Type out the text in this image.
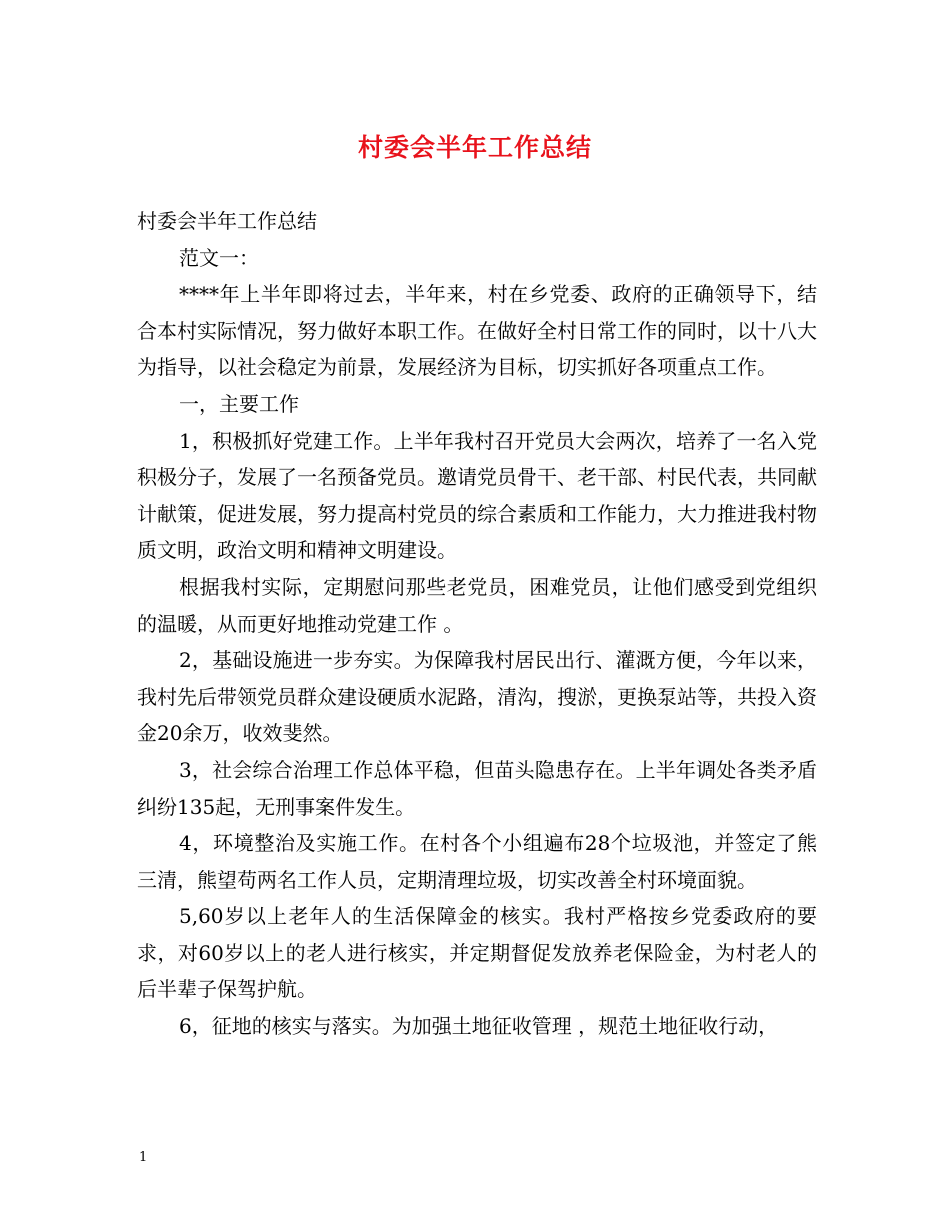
村委会半年工作总结

村委会半年工作总结

范文一：

****年上半年即将过去，半年来，村在乡党委、政府的正确领导下，结合本村实际情况，努力做好本职工作。在做好全村日常工作的同时，以十八大为指导，以社会稳定为前景，发展经济为目标，切实抓好各项重点工作。

一，主要工作

1，积极抓好党建工作。上半年我村召开党员大会两次，培养了一名入党积极分子，发展了一名预备党员。邀请党员骨干、老干部、村民代表，共同献计献策，促进发展，努力提高村党员的综合素质和工作能力，大力推进我村物质文明，政治文明和精神文明建设。

根据我村实际，定期慰问那些老党员，困难党员，让他们感受到党组织的温暖，从而更好地推动党建工作 。

2，基础设施进一步夯实。为保障我村居民出行、灌溉方便，今年以来，我村先后带领党员群众建设硬质水泥路，清沟，搜淤，更换泵站等，共投入资金20余万，收效斐然。

3，社会综合治理工作总体平稳，但苗头隐患存在。上半年调处各类矛盾纠纷135起，无刑事案件发生。

4，环境整治及实施工作。在村各个小组遍布28个垃圾池，并签定了熊三清，熊望苟两名工作人员，定期清理垃圾，切实改善全村环境面貌。

5,60岁以上老年人的生活保障金的核实。我村严格按乡党委政府的要求，对60岁以上的老人进行核实，并定期督促发放养老保险金，为村老人的后半辈子保驾护航。

6，征地的核实与落实。为加强土地征收管理 ，规范土地征收行动，

1
